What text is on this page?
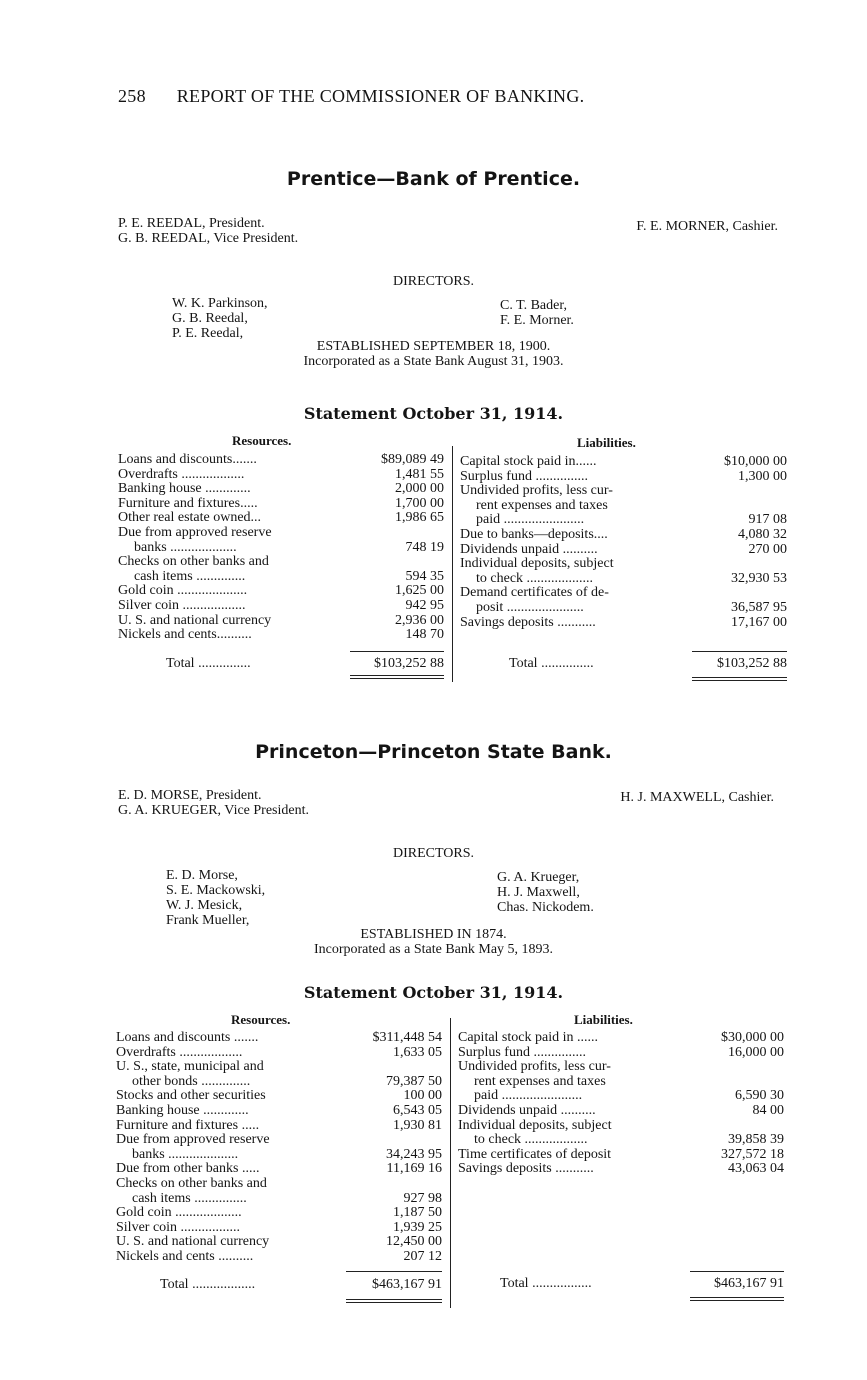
258 REPORT OF THE COMMISSIONER OF BANKING.
Prentice—Bank of Prentice.
P. E. REEDAL, President.
G. B. REEDAL, Vice President.
F. E. MORNER, Cashier.
DIRECTORS.
W. K. Parkinson,
G. B. Reedal,
P. E. Reedal,
C. T. Bader,
F. E. Morner.
ESTABLISHED SEPTEMBER 18, 1900.
Incorporated as a State Bank August 31, 1903.
Statement October 31, 1914.
Resources.	Liabilities.
Loans and discounts.......	$89,089 49
Overdrafts ..................	1,481 55
Banking house .............	2,000 00
Furniture and fixtures.....	1,700 00
Other real estate owned...	1,986 65
Due from approved reserve
banks ...................	748 19
Checks on other banks and
cash items ..............	594 35
Gold coin ....................	1,625 00
Silver coin ..................	942 95
U. S. and national currency	2,936 00
Nickels and cents..........	148 70
Capital stock paid in......	$10,000 00
Surplus fund ...............	1,300 00
Undivided profits, less cur-
rent expenses and taxes
paid .......................	917 08
Due to banks—deposits....	4,080 32
Dividends unpaid ..........	270 00
Individual deposits, subject
to check ...................	32,930 53
Demand certificates of de-
posit ......................	36,587 95
Savings deposits ...........	17,167 00
Total ...............	$103,252 88	Total ...............	$103,252 88
Princeton—Princeton State Bank.
E. D. MORSE, President.
G. A. KRUEGER, Vice President.
H. J. MAXWELL, Cashier.
DIRECTORS.
E. D. Morse,
S. E. Mackowski,
W. J. Mesick,
Frank Mueller,
G. A. Krueger,
H. J. Maxwell,
Chas. Nickodem.
ESTABLISHED IN 1874.
Incorporated as a State Bank May 5, 1893.
Statement October 31, 1914.
Resources.	Liabilities.
Loans and discounts .......	$311,448 54
Overdrafts ..................	1,633 05
U. S., state, municipal and
other bonds ..............	79,387 50
Stocks and other securities	100 00
Banking house .............	6,543 05
Furniture and fixtures .....	1,930 81
Due from approved reserve
banks ....................	34,243 95
Due from other banks .....	11,169 16
Checks on other banks and
cash items ...............	927 98
Gold coin ...................	1,187 50
Silver coin .................	1,939 25
U. S. and national currency	12,450 00
Nickels and cents ..........	207 12
Capital stock paid in ......	$30,000 00
Surplus fund ...............	16,000 00
Undivided profits, less cur-
rent expenses and taxes
paid .......................	6,590 30
Dividends unpaid ..........	84 00
Individual deposits, subject
to check ..................	39,858 39
Time certificates of deposit	327,572 18
Savings deposits ...........	43,063 04
Total ..................	$463,167 91	Total .................	$463,167 91
